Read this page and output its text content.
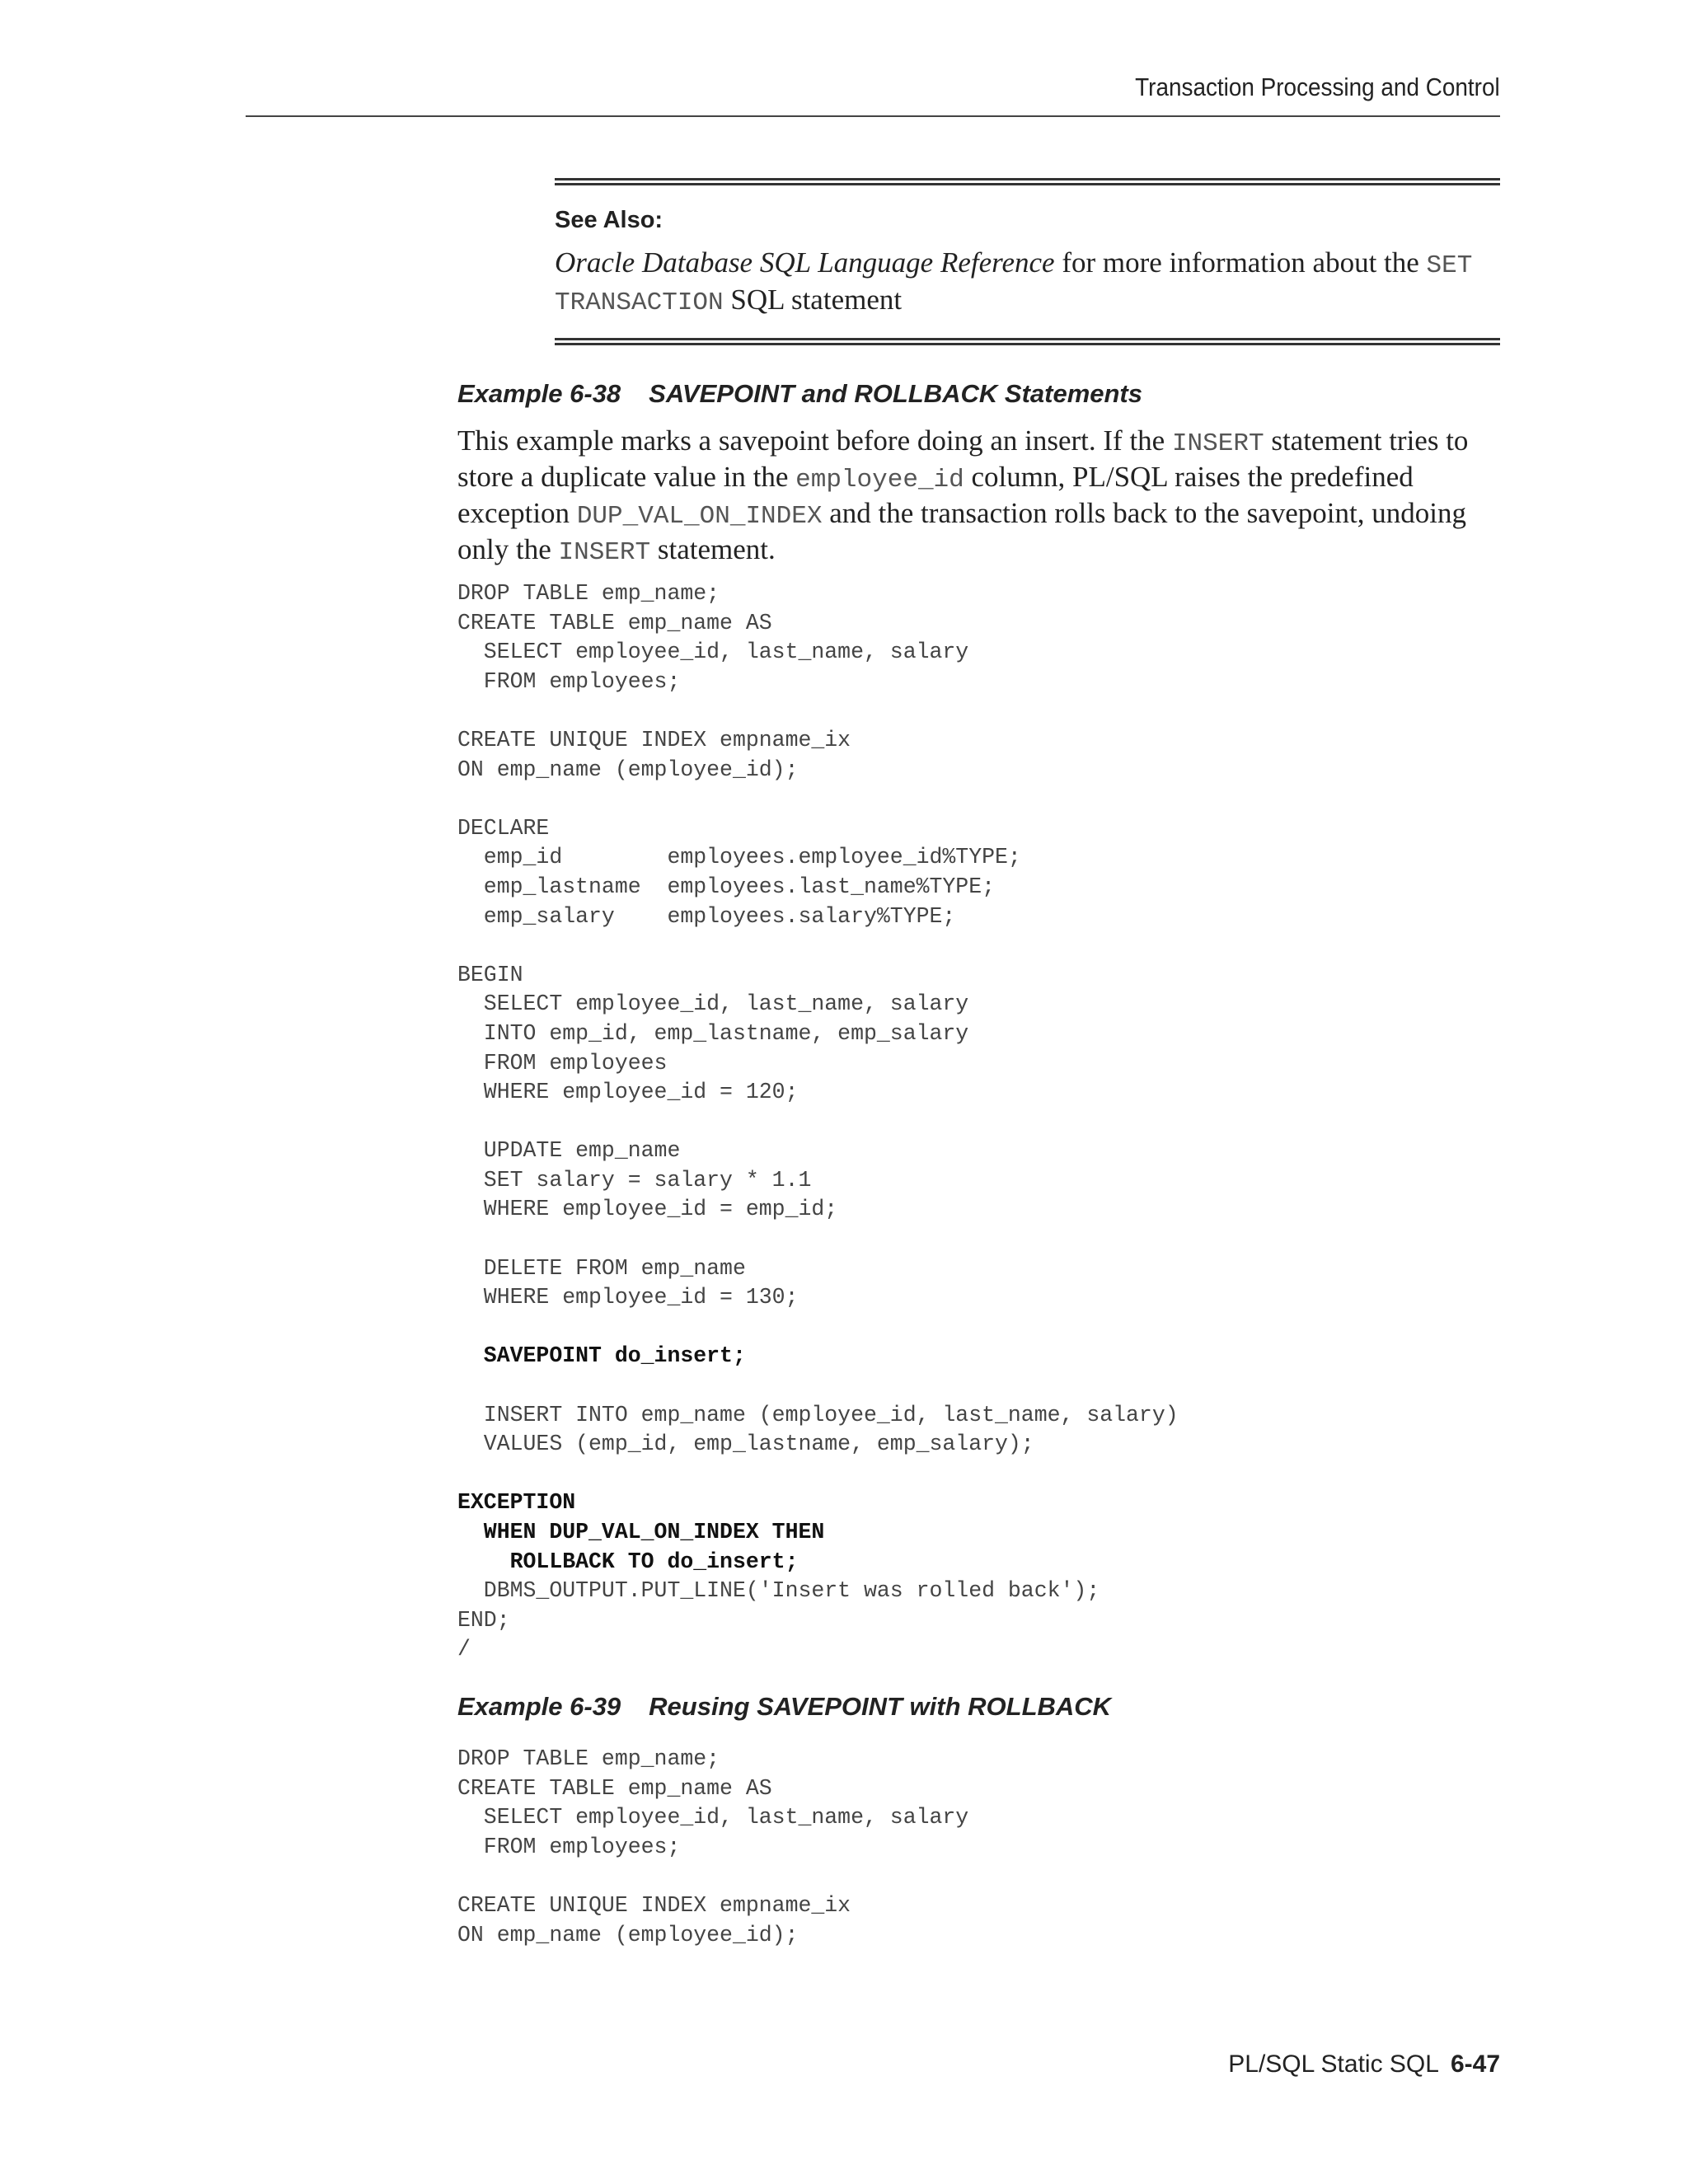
Transaction Processing and Control
See Also:
Oracle Database SQL Language Reference for more information about the SET TRANSACTION SQL statement
Example 6-38 SAVEPOINT and ROLLBACK Statements
This example marks a savepoint before doing an insert. If the INSERT statement tries to store a duplicate value in the employee_id column, PL/SQL raises the predefined exception DUP_VAL_ON_INDEX and the transaction rolls back to the savepoint, undoing only the INSERT statement.
DROP TABLE emp_name;
CREATE TABLE emp_name AS
SELECT employee_id, last_name, salary
FROM employees;

CREATE UNIQUE INDEX empname_ix
ON emp_name (employee_id);

DECLARE
emp_id        employees.employee_id%TYPE;
emp_lastname  employees.last_name%TYPE;
emp_salary    employees.salary%TYPE;

BEGIN
SELECT employee_id, last_name, salary
INTO emp_id, emp_lastname, emp_salary
FROM employees
WHERE employee_id = 120;

UPDATE emp_name
SET salary = salary * 1.1
WHERE employee_id = emp_id;

DELETE FROM emp_name
WHERE employee_id = 130;

SAVEPOINT do_insert;

INSERT INTO emp_name (employee_id, last_name, salary)
VALUES (emp_id, emp_lastname, emp_salary);

EXCEPTION
WHEN DUP_VAL_ON_INDEX THEN
ROLLBACK TO do_insert;
DBMS_OUTPUT.PUT_LINE('Insert was rolled back');
END;
/
Example 6-39 Reusing SAVEPOINT with ROLLBACK
DROP TABLE emp_name;
CREATE TABLE emp_name AS
SELECT employee_id, last_name, salary
FROM employees;

CREATE UNIQUE INDEX empname_ix
ON emp_name (employee_id);
PL/SQL Static SQL 6-47
